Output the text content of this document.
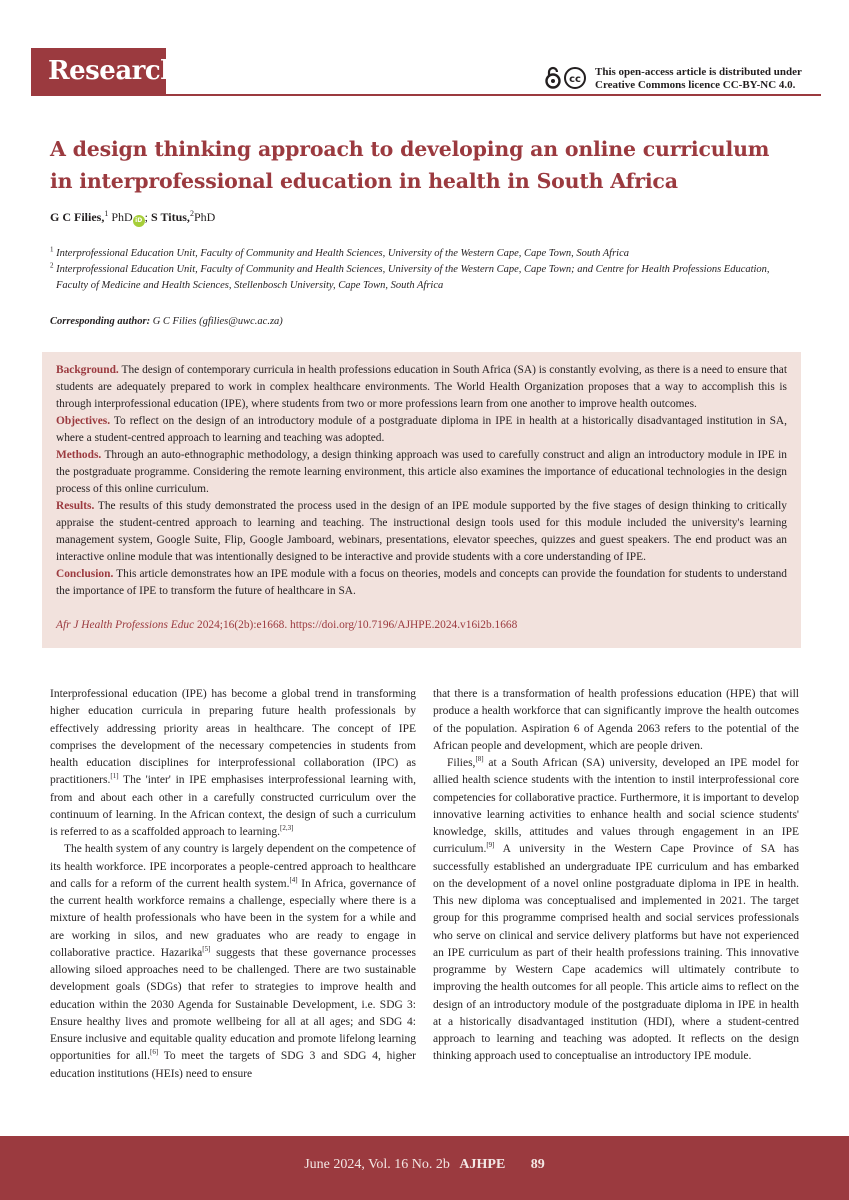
Research	cc
This open-access article is distributed under
Creative Commons licence CC-BY-NC 4.0.
A design thinking approach to developing an online curriculum
in interprofessional education in health in South Africa
G C Filies,$^1$ PhD iD ; S Titus,$^2$PhD

$^1$ Interprofessional Education Unit, Faculty of Community and Health Sciences, University of the Western Cape, Cape Town, South Africa

$^2$ Interprofessional Education Unit, Faculty of Community and Health Sciences, University of the Western Cape, Cape Town; and Centre for Health Professions Education,

Faculty of Medicine and Health Sciences, Stellenbosch University, Cape Town, South Africa

Corresponding author: G C Filies (gfilies@uwc.ac.za)

Background. The design of contemporary curricula in health professions education in South Africa (SA) is constantly evolving, as there is a need to ensure that students are adequately prepared to work in complex healthcare environments. The World Health Organization proposes that a way to accomplish this is through interprofessional education (IPE), where students from two or more professions learn from one another to improve health outcomes.

Objectives. To reflect on the design of an introductory module of a postgraduate diploma in IPE in health at a historically disadvantaged institution in SA, where a student-centred approach to learning and teaching was adopted.

Methods. Through an auto-ethnographic methodology, a design thinking approach was used to carefully construct and align an introductory module in IPE in the postgraduate programme. Considering the remote learning environment, this article also examines the importance of educational technologies in the design process of this online curriculum.

Results. The results of this study demonstrated the process used in the design of an IPE module supported by the five stages of design thinking to critically appraise the student-centred approach to learning and teaching. The instructional design tools used for this module included the university's learning management system, Google Suite, Flip, Google Jamboard, webinars, presentations, elevator speeches, quizzes and guest speakers. The end product was an interactive online module that was intentionally designed to be interactive and provide students with a core understanding of IPE.

Conclusion. This article demonstrates how an IPE module with a focus on theories, models and concepts can provide the foundation for students to understand the importance of IPE to transform the future of healthcare in SA.

Afr J Health Professions Educ 2024;16(2b):e1668. https://doi.org/10.7196/AJHPE.2024.v16i2b.1668

Interprofessional education (IPE) has become a global trend in transforming higher education curricula in preparing future health professionals by effectively addressing priority areas in healthcare. The concept of IPE comprises the development of the necessary competencies in students from health education disciplines for interprofessional collaboration (IPC) as practitioners.[1] The 'inter' in IPE emphasises interprofessional learning with, from and about each other in a carefully constructed curriculum over the continuum of learning. In the African context, the design of such a curriculum is referred to as a scaffolded approach to learning.[2,3]

The health system of any country is largely dependent on the competence of its health workforce. IPE incorporates a people-centred approach to healthcare and calls for a reform of the current health system.[4] In Africa, governance of the current health workforce remains a challenge, especially where there is a mixture of health professionals who have been in the system for a while and are working in silos, and new graduates who are ready to engage in collaborative practice. Hazarika[5] suggests that these governance processes allowing siloed approaches need to be challenged. There are two sustainable development goals (SDGs) that refer to strategies to improve health and education within the 2030 Agenda for Sustainable Development, i.e. SDG 3: Ensure healthy lives and promote wellbeing for all at all ages; and SDG 4: Ensure inclusive and equitable quality education and promote lifelong learning opportunities for all.[6] To meet the targets of SDG 3 and SDG 4, higher education institutions (HEIs) need to ensure

that there is a transformation of health professions education (HPE) that will produce a health workforce that can significantly improve the health outcomes of the population. Aspiration 6 of Agenda 2063 refers to the potential of the African people and development, which are people driven.

Filies,[8] at a South African (SA) university, developed an IPE model for allied health science students with the intention to instil interprofessional core competencies for collaborative practice. Furthermore, it is important to develop innovative learning activities to enhance health and social science students' knowledge, skills, attitudes and values through engagement in an IPE curriculum.[9] A university in the Western Cape Province of SA has successfully established an undergraduate IPE curriculum and has embarked on the development of a novel online postgraduate diploma in IPE in health. This new diploma was conceptualised and implemented in 2021. The target group for this programme comprised health and social services professionals who serve on clinical and service delivery platforms but have not experienced an IPE curriculum as part of their health professions training. This innovative programme by Western Cape academics will ultimately contribute to improving the health outcomes for all people. This article aims to reflect on the design of an introductory module of the postgraduate diploma in IPE in health at a historically disadvantaged institution (HDI), where a student-centred approach to learning and teaching was adopted. It reflects on the design thinking approach used to conceptualise an introductory IPE module.

June 2024, Vol. 16 No. 2b AJHPE 89
